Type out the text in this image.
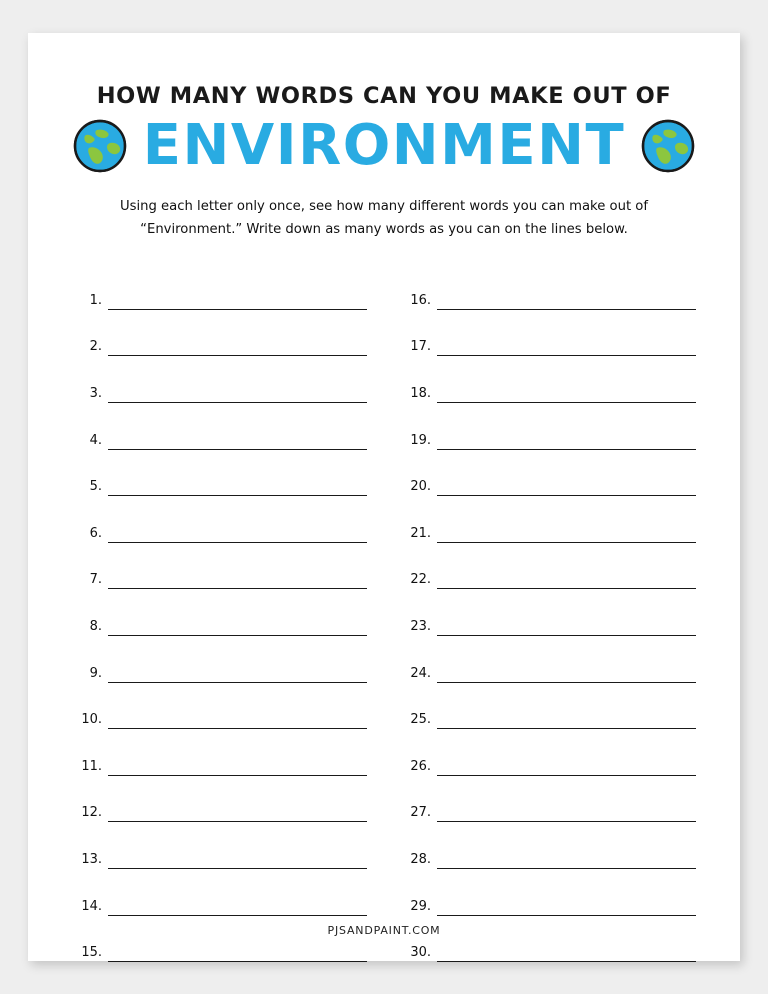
HOW MANY WORDS CAN YOU MAKE OUT OF
ENVIRONMENT
Using each letter only once, see how many different words you can make out of “Environment.” Write down as many words as you can on the lines below.
1.
2.
3.
4.
5.
6.
7.
8.
9.
10.
11.
12.
13.
14.
15.
16.
17.
18.
19.
20.
21.
22.
23.
24.
25.
26.
27.
28.
29.
30.
PJSANDPAINT.COM
